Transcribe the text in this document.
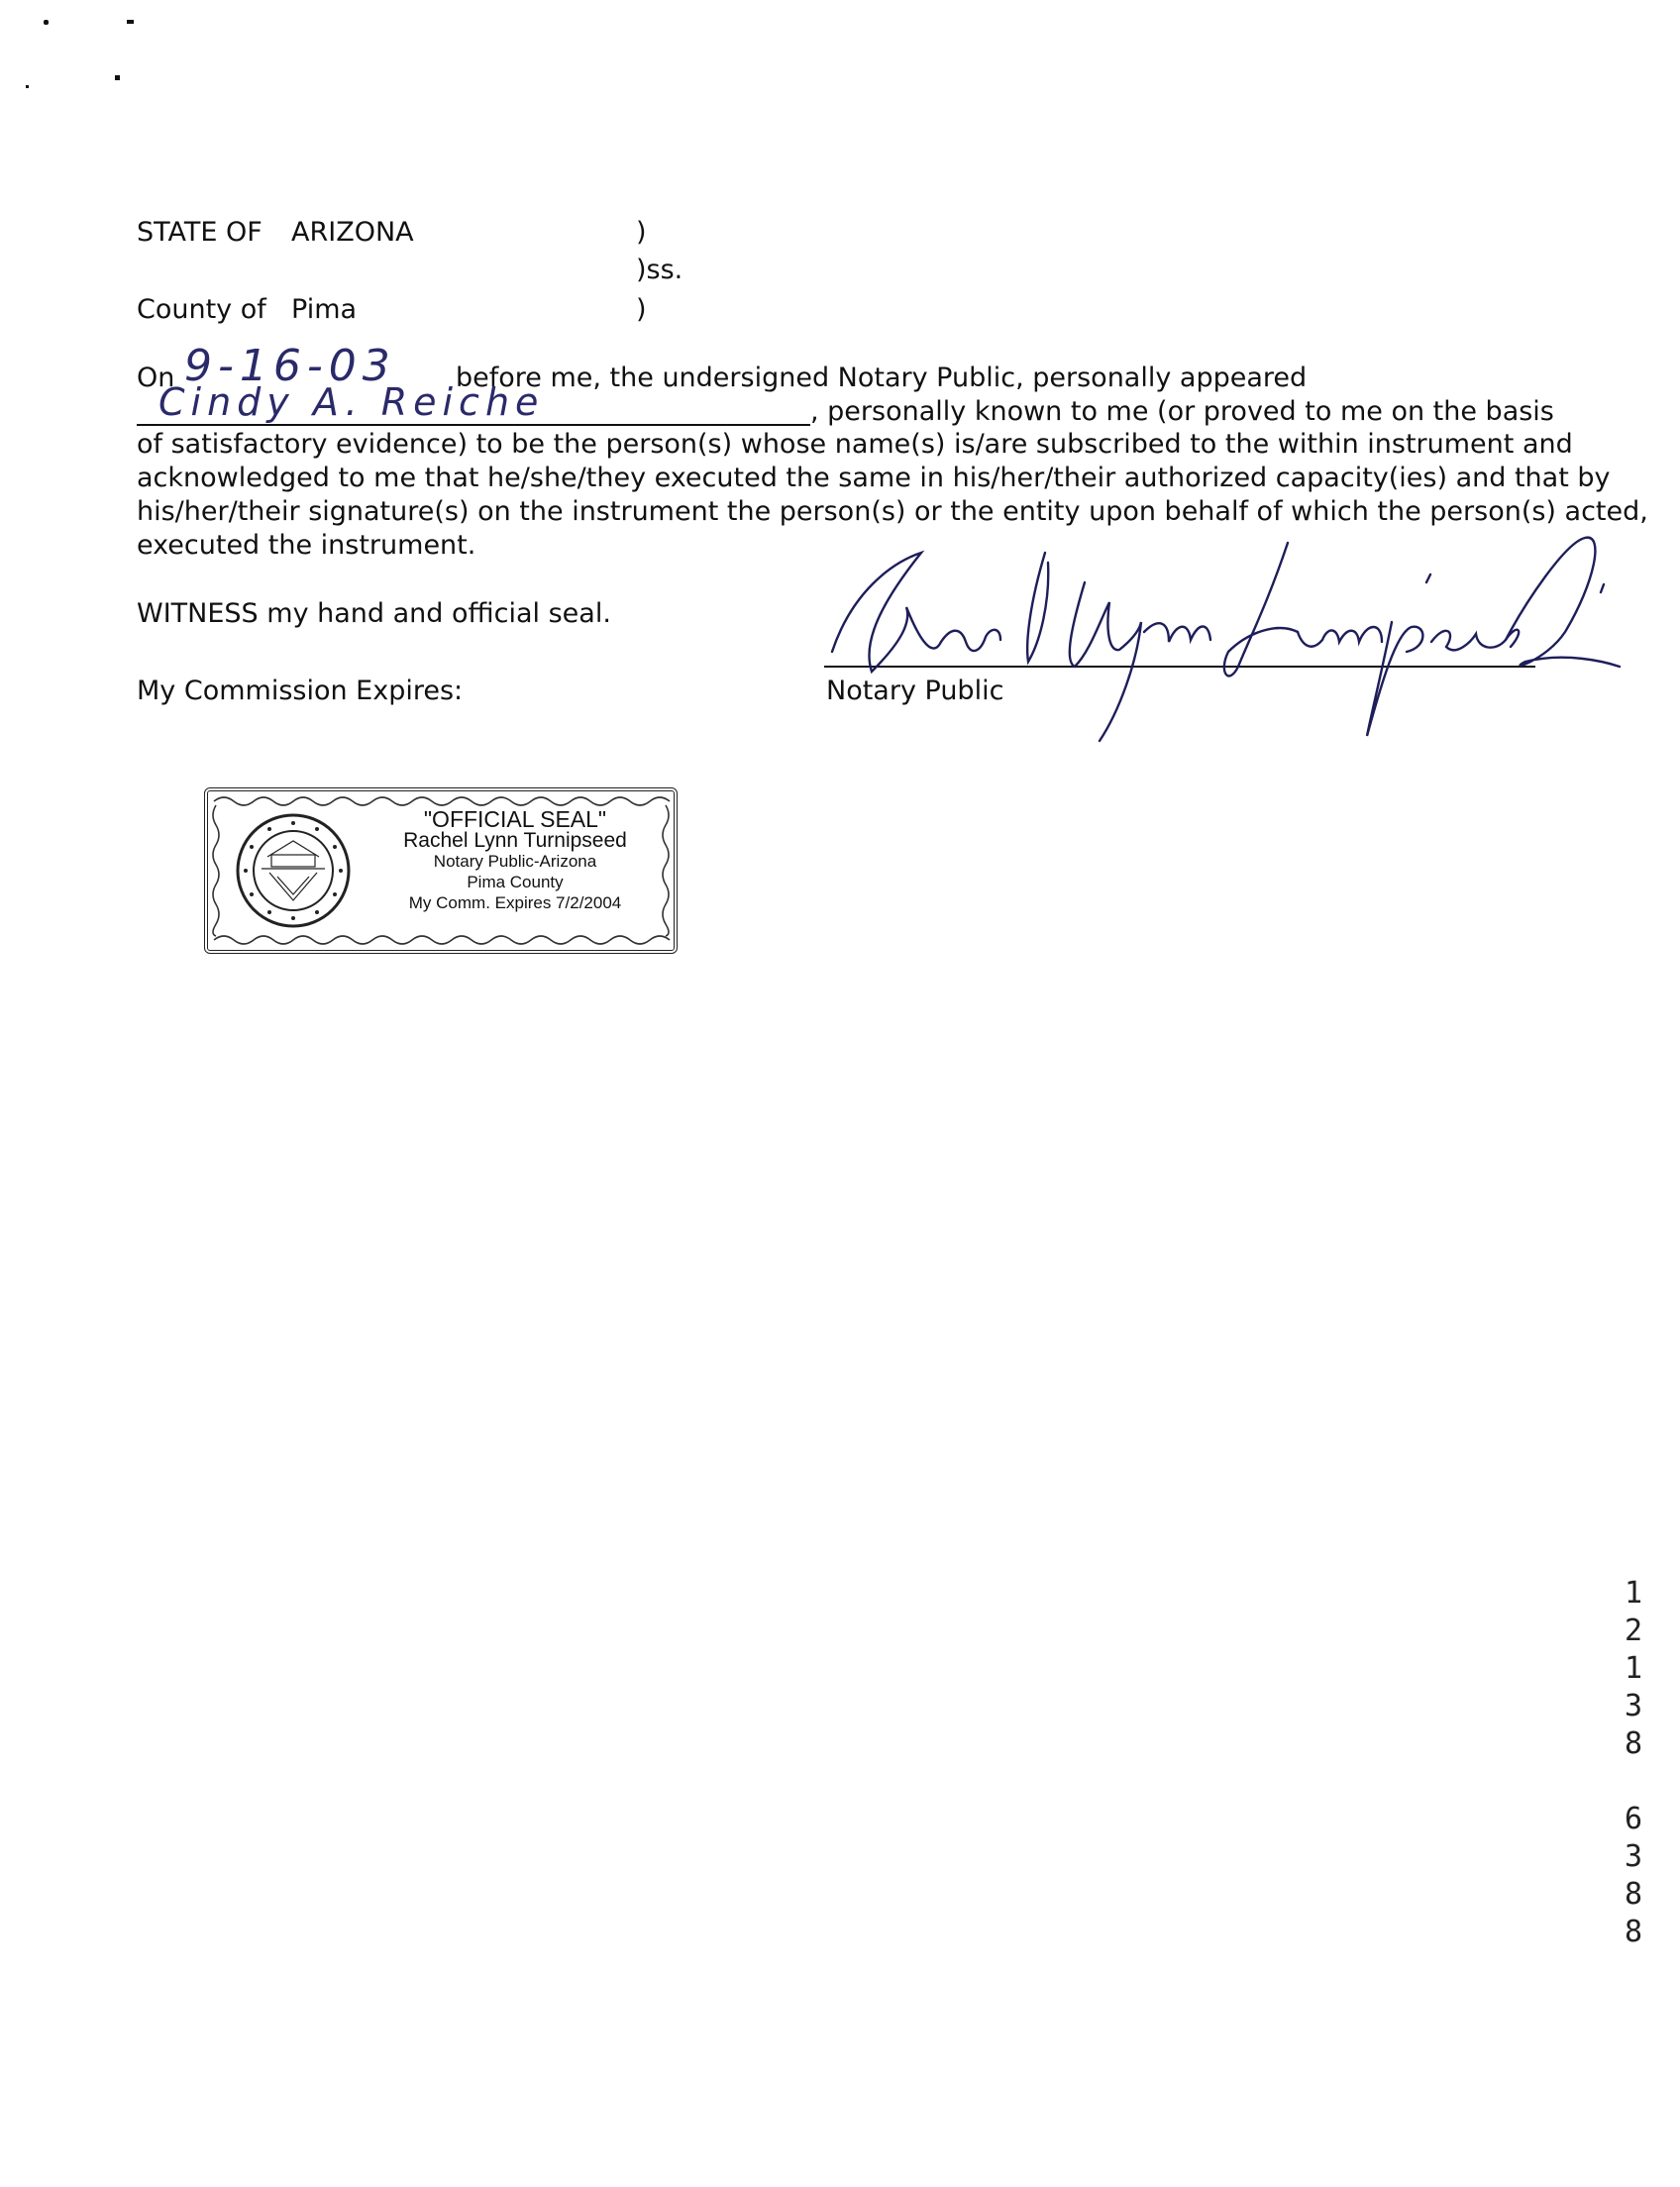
STATE OF ARIZONA	)
)ss.
County of Pima	)
On 9-16-03 before me, the undersigned Notary Public, personally appeared
Cindy A. Reiche	, personally known to me (or proved to me on the basis
of satisfactory evidence) to be the person(s) whose name(s) is/are subscribed to the within instrument and
acknowledged to me that he/she/they executed the same in his/her/their authorized capacity(ies) and that by
his/her/their signature(s) on the instrument the person(s) or the entity upon behalf of which the person(s) acted,
executed the instrument.
WITNESS my hand and official seal.
My Commission Expires:	Notary Public
"OFFICIAL SEAL"
Rachel Lynn Turnipseed
Notary Public-Arizona
Pima County
My Comm. Expires 7/2/2004
1
2
1
3
8

6
3
8
8
